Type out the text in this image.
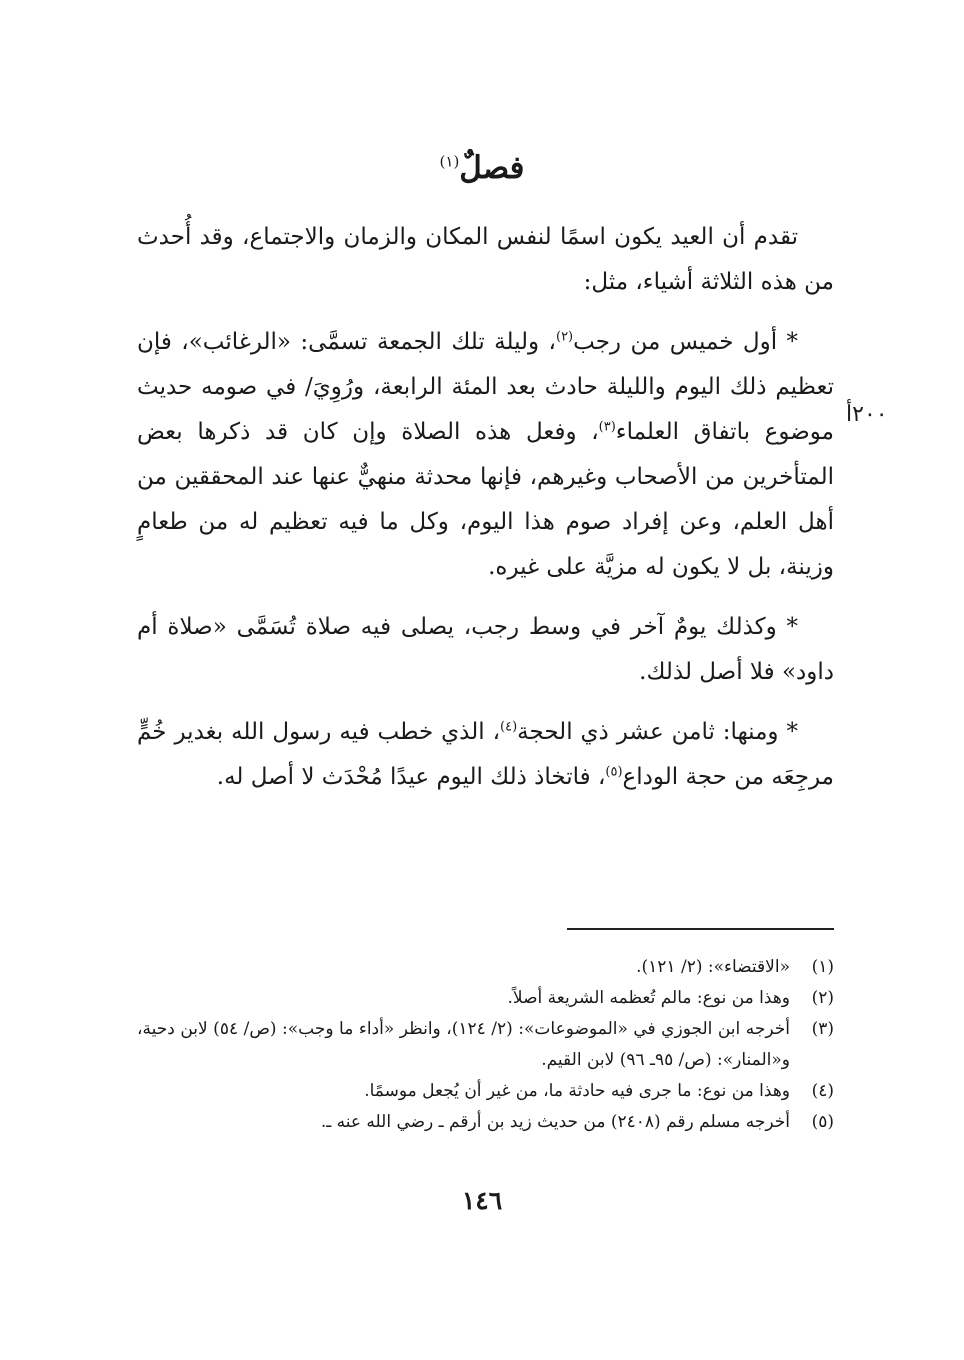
فصلٌ$^{(١)}$
٢٠٠أ

تقدم أن العيد يكون اسمًا لنفس المكان والزمان والاجتماع، وقد أُحدث من هذه الثلاثة أشياء، مثل:

* أول خميس من رجب$^{(٢)}$، وليلة تلك الجمعة تسمَّى: «الرغائب»، فإن تعظيم ذلك اليوم والليلة حادث بعد المئة الرابعة، ورُوِيَ/ في صومه حديث موضوع باتفاق العلماء$^{(٣)}$، وفعل هذه الصلاة وإن كان قد ذكرها بعض المتأخرين من الأصحاب وغيرهم، فإنها محدثة منهيٌّ عنها عند المحققين من أهل العلم، وعن إفراد صوم هذا اليوم، وكل ما فيه تعظيم له من طعامٍ وزينة، بل لا يكون له مزيَّة على غيره.

* وكذلك يومٌ آخر في وسط رجب، يصلى فيه صلاة تُسَمَّى «صلاة أم داود» فلا أصل لذلك.

* ومنها: ثامن عشر ذي الحجة$^{(٤)}$، الذي خطب فيه رسول الله بغدير خُمٍّ مرجِعَه من حجة الوداع$^{(٥)}$، فاتخاذ ذلك اليوم عيدًا مُحْدَث لا أصل له.

(١)
«الاقتضاء»: (٢/ ١٢١).
(٢)
وهذا من نوع: مالم تُعظمه الشريعة أصلاً.
(٣)
أخرجه ابن الجوزي في «الموضوعات»: (٢/ ١٢٤)، وانظر «أداء ما وجب»: (ص/ ٥٤) لابن دحية، و«المنار»: (ص/ ٩٥ـ ٩٦) لابن القيم.
(٤)
وهذا من نوع: ما جرى فيه حادثة ما، من غير أن يُجعل موسمًا.
(٥)
أخرجه مسلم رقم (٢٤٠٨) من حديث زيد بن أرقم ـ رضي الله عنه ـ.
١٤٦
